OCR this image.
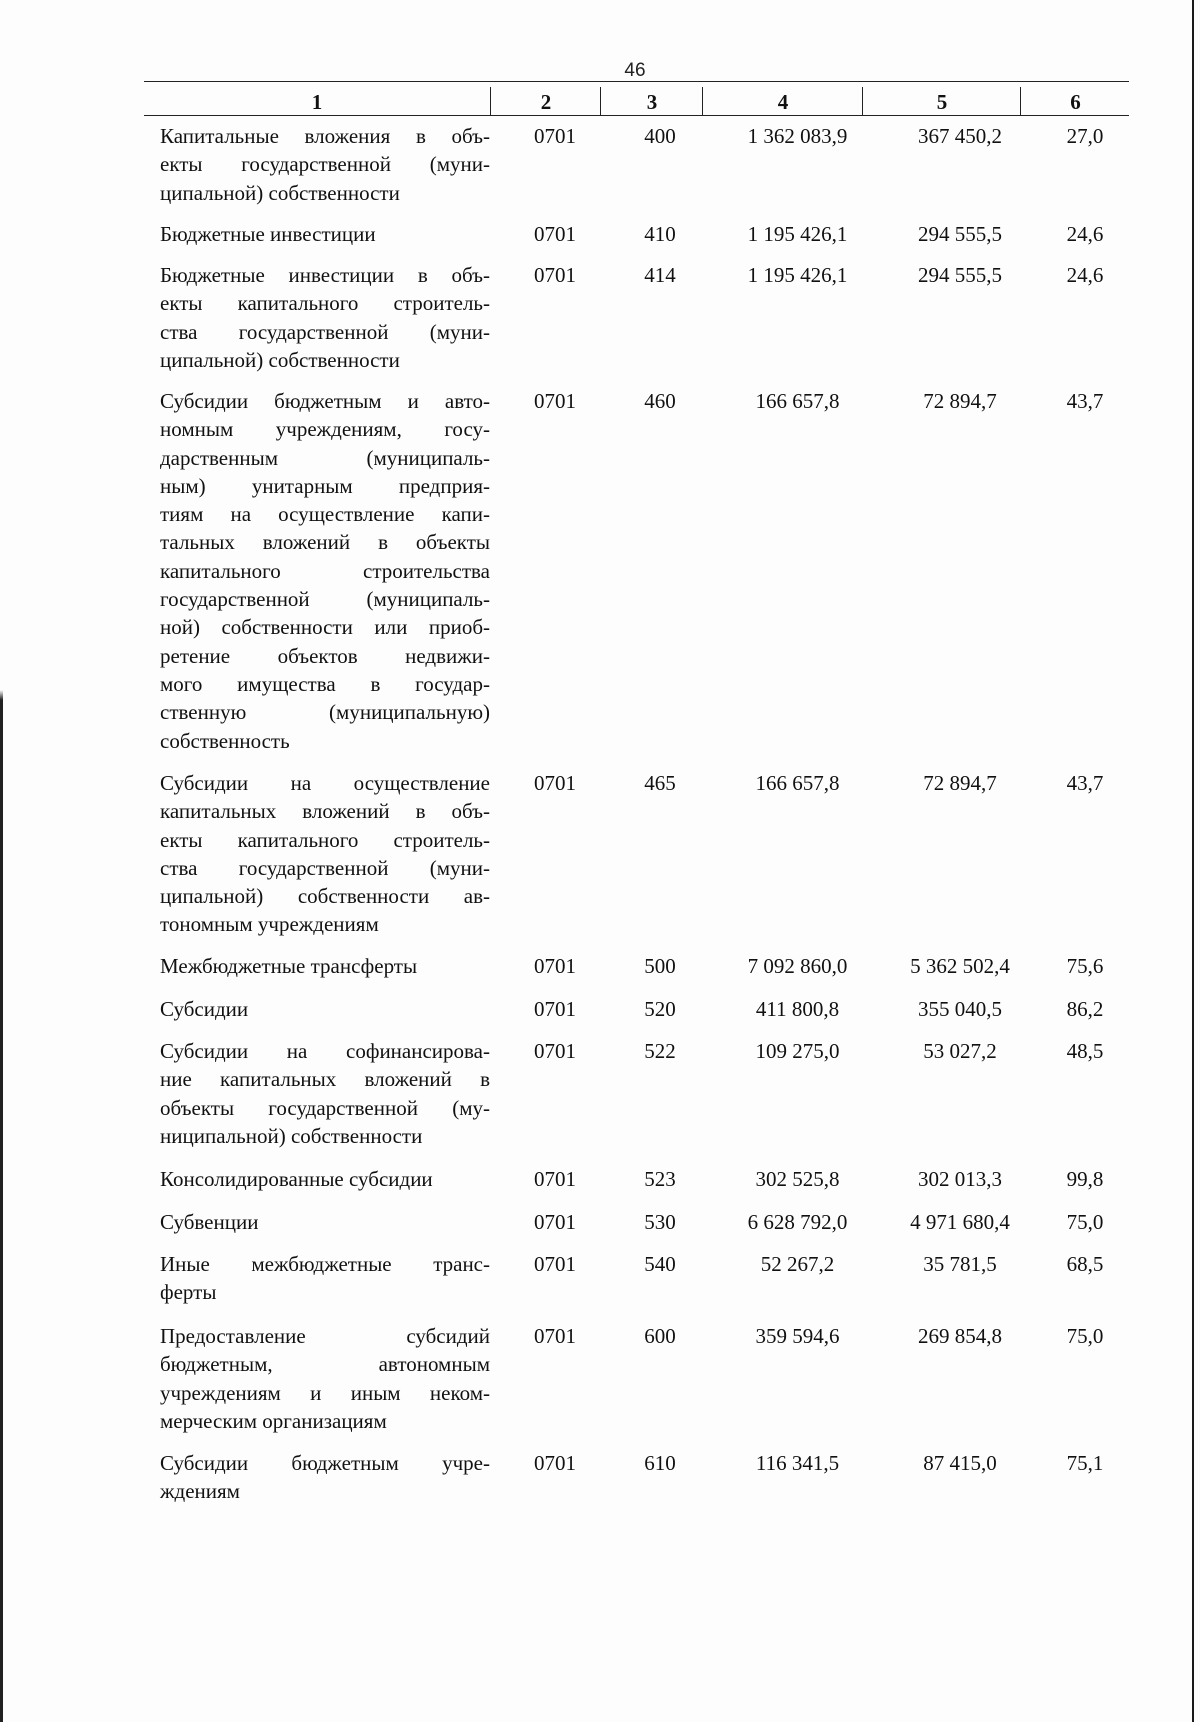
46
1	2	3	4	5	6
Капитальные вложения в объ-
екты государственной (муни-
ципальной) собственности
0701	400	1 362 083,9	367 450,2	27,0
Бюджетные инвестиции	0701	410	1 195 426,1	294 555,5	24,6
Бюджетные инвестиции в объ-
екты капитального строитель-
ства государственной (муни-
ципальной) собственности
0701	414	1 195 426,1	294 555,5	24,6
Субсидии бюджетным и авто-
номным учреждениям, госу-
дарственным (муниципаль-
ным) унитарным предприя-
тиям на осуществление капи-
тальных вложений в объекты
капитального строительства
государственной (муниципаль-
ной) собственности или приоб-
ретение объектов недвижи-
мого имущества в государ-
ственную (муниципальную)
собственность
0701	460	166 657,8	72 894,7	43,7
Субсидии на осуществление
капитальных вложений в объ-
екты капитального строитель-
ства государственной (муни-
ципальной) собственности ав-
тономным учреждениям
0701	465	166 657,8	72 894,7	43,7
Межбюджетные трансферты	0701	500	7 092 860,0	5 362 502,4	75,6
Субсидии	0701	520	411 800,8	355 040,5	86,2
Субсидии на софинансирова-
ние капитальных вложений в
объекты государственной (му-
ниципальной) собственности
0701	522	109 275,0	53 027,2	48,5
Консолидированные субсидии	0701	523	302 525,8	302 013,3	99,8
Субвенции	0701	530	6 628 792,0	4 971 680,4	75,0
Иные межбюджетные транс-
ферты
0701	540	52 267,2	35 781,5	68,5
Предоставление субсидий
бюджетным, автономным
учреждениям и иным неком-
мерческим организациям
0701	600	359 594,6	269 854,8	75,0
Субсидии бюджетным учре-
ждениям
0701	610	116 341,5	87 415,0	75,1
